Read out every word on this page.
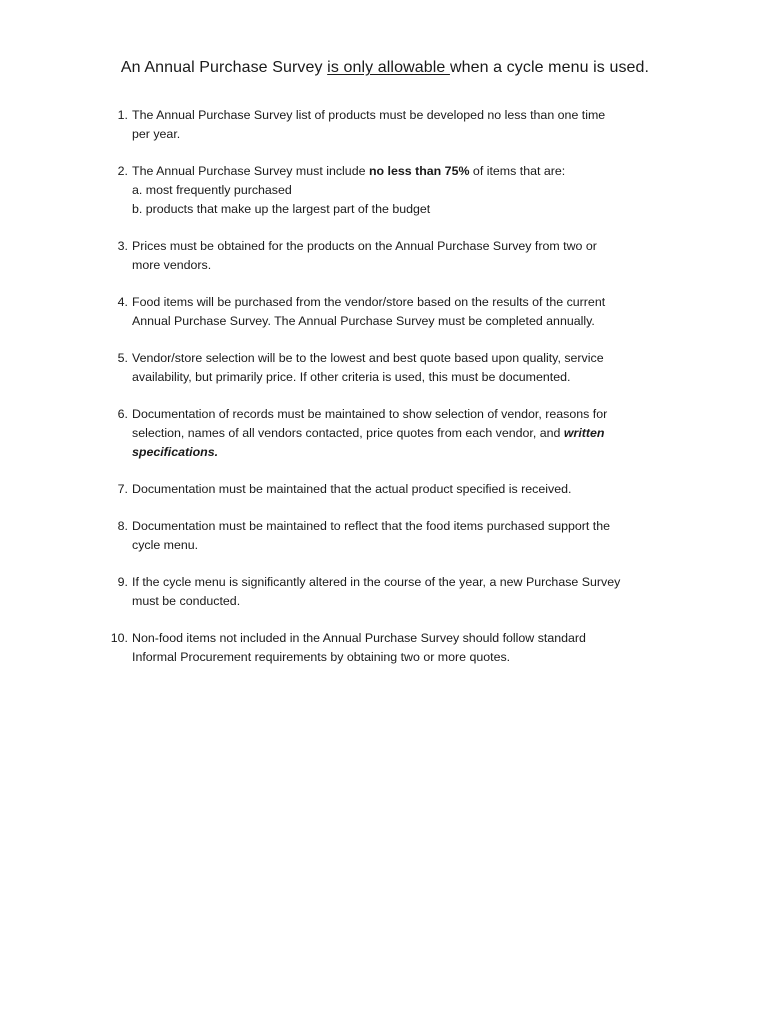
An Annual Purchase Survey is only allowable when a cycle menu is used.
1. The Annual Purchase Survey list of products must be developed no less than one time
per year.
2. The Annual Purchase Survey must include no less than 75% of items that are:
a. most frequently purchased
b. products that make up the largest part of the budget
3. Prices must be obtained for the products on the Annual Purchase Survey from two or
more vendors.
4. Food items will be purchased from the vendor/store based on the results of the current
Annual Purchase Survey. The Annual Purchase Survey must be completed annually.
5. Vendor/store selection will be to the lowest and best quote based upon quality, service
availability, but primarily price. If other criteria is used, this must be documented.
6. Documentation of records must be maintained to show selection of vendor, reasons for
selection, names of all vendors contacted, price quotes from each vendor, and written
specifications.
7. Documentation must be maintained that the actual product specified is received.
8. Documentation must be maintained to reflect that the food items purchased support the
cycle menu.
9. If the cycle menu is significantly altered in the course of the year, a new Purchase Survey
must be conducted.
10. Non-food items not included in the Annual Purchase Survey should follow standard
Informal Procurement requirements by obtaining two or more quotes.
